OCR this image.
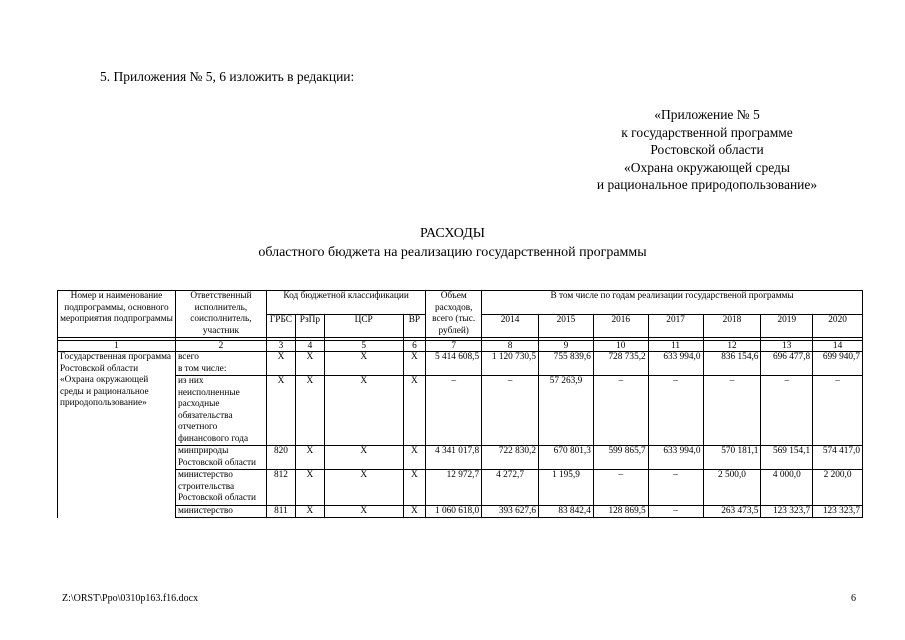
5. Приложения № 5, 6 изложить в редакции:
«Приложение № 5
к государственной программе
Ростовской области
«Охрана окружающей среды
и рациональное природопользование»
РАСХОДЫ
областного бюджета на реализацию государственной программы
Номер и наименование подпрограммы, основного мероприятия подпрограммы	Ответственный исполнитель, соисполнитель, участник	Код бюджетной классификации				Объем расходов, всего (тыс. рублей)	В том числе по годам реализации государственой программы						
		ГРБС	РзПр	ЦСР	ВР		2014	2015	2016	2017	2018	2019	2020

1	2	3	4	5	6	7	8	9	10	11	12	13	14
Государственная программа Ростовской области «Охрана окружающей среды и рациональное природопользование»	всего
в том числе:	X	X	X	X	5 414 608,5	1 120 730,5	755 839,6	728 735,2	633 994,0	836 154,6	696 477,8	699 940,7
	из них неисполненные расходные обязательства отчетного финансового года	X	X	X	X	–	–	57 263,9	–	–	–	–	–
	минприроды Ростовской области	820	X	X	X	4 341 017,8	722 830,2	670 801,3	599 865,7	633 994,0	570 181,1	569 154,1	574 417,0
	министерство строительства Ростовской области	812	X	X	X	12 972,7	4 272,7	1 195,9	–	–	2 500,0	4 000,0	2 200,0
	министерство	811	X	X	X	1 060 618,0	393 627,6	83 842,4	128 869,5	–	263 473,5	123 323,7	123 323,7
Z:\ORST\Ppo\0310p163.f16.docx	6
